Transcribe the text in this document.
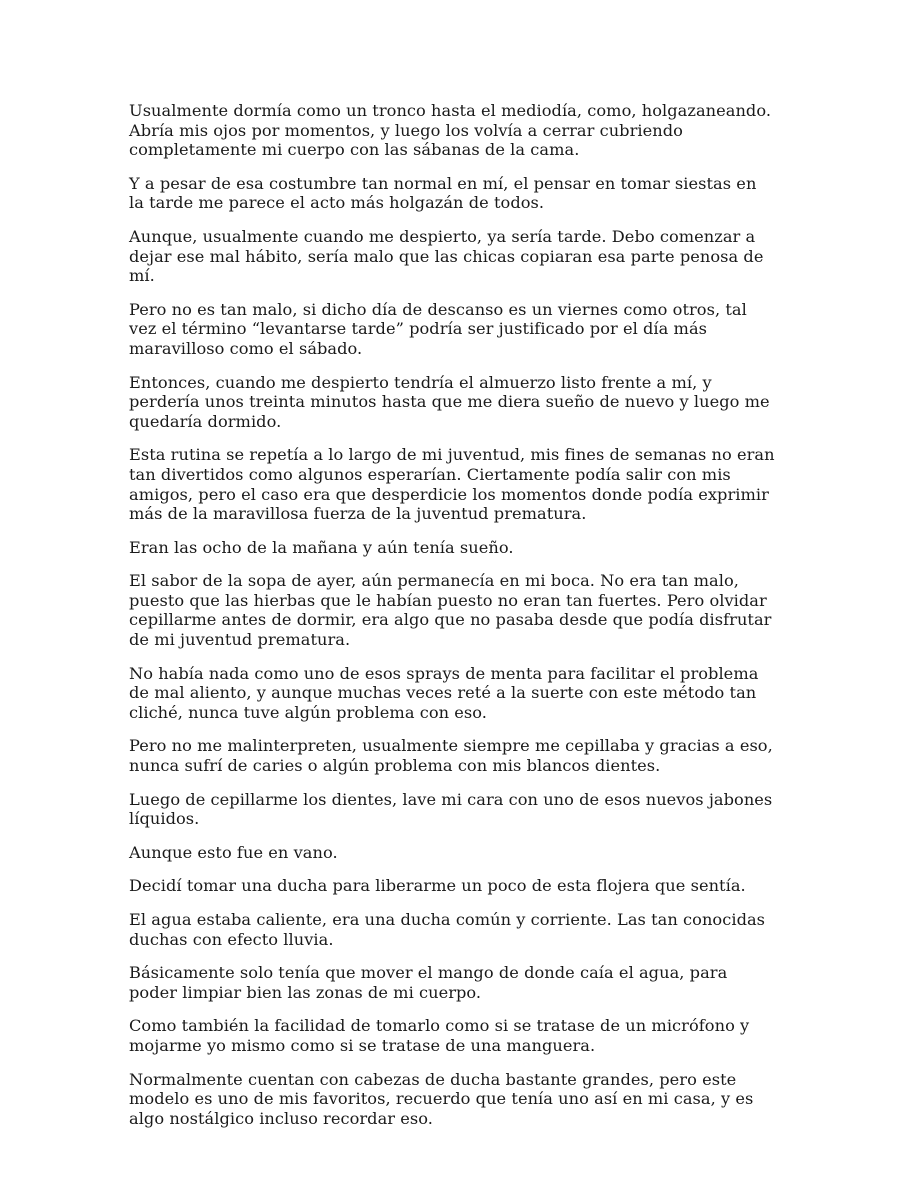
Usualmente dormía como un tronco hasta el mediodía, como, holgazaneando. Abría mis ojos por momentos, y luego los volvía a cerrar cubriendo completamente mi cuerpo con las sábanas de la cama.

Y a pesar de esa costumbre tan normal en mí, el pensar en tomar siestas en la tarde me parece el acto más holgazán de todos.

Aunque, usualmente cuando me despierto, ya sería tarde. Debo comenzar a dejar ese mal hábito, sería malo que las chicas copiaran esa parte penosa de mí.

Pero no es tan malo, si dicho día de descanso es un viernes como otros, tal vez el término “levantarse tarde” podría ser justificado por el día más maravilloso como el sábado.

Entonces, cuando me despierto tendría el almuerzo listo frente a mí, y perdería unos treinta minutos hasta que me diera sueño de nuevo y luego me quedaría dormido.

Esta rutina se repetía a lo largo de mi juventud, mis fines de semanas no eran tan divertidos como algunos esperarían. Ciertamente podía salir con mis amigos, pero el caso era que desperdicie los momentos donde podía exprimir más de la maravillosa fuerza de la juventud prematura.

Eran las ocho de la mañana y aún tenía sueño.

El sabor de la sopa de ayer, aún permanecía en mi boca. No era tan malo, puesto que las hierbas que le habían puesto no eran tan fuertes. Pero olvidar cepillarme antes de dormir, era algo que no pasaba desde que podía disfrutar de mi juventud prematura.

No había nada como uno de esos sprays de menta para facilitar el problema de mal aliento, y aunque muchas veces reté a la suerte con este método tan cliché, nunca tuve algún problema con eso.

Pero no me malinterpreten, usualmente siempre me cepillaba y gracias a eso, nunca sufrí de caries o algún problema con mis blancos dientes.

Luego de cepillarme los dientes, lave mi cara con uno de esos nuevos jabones líquidos.

Aunque esto fue en vano.

Decidí tomar una ducha para liberarme un poco de esta flojera que sentía.

El agua estaba caliente, era una ducha común y corriente. Las tan conocidas duchas con efecto lluvia.

Básicamente solo tenía que mover el mango de donde caía el agua, para poder limpiar bien las zonas de mi cuerpo.

Como también la facilidad de tomarlo como si se tratase de un micrófono y mojarme yo mismo como si se tratase de una manguera.

Normalmente cuentan con cabezas de ducha bastante grandes, pero este modelo es uno de mis favoritos, recuerdo que tenía uno así en mi casa, y es algo nostálgico incluso recordar eso.
